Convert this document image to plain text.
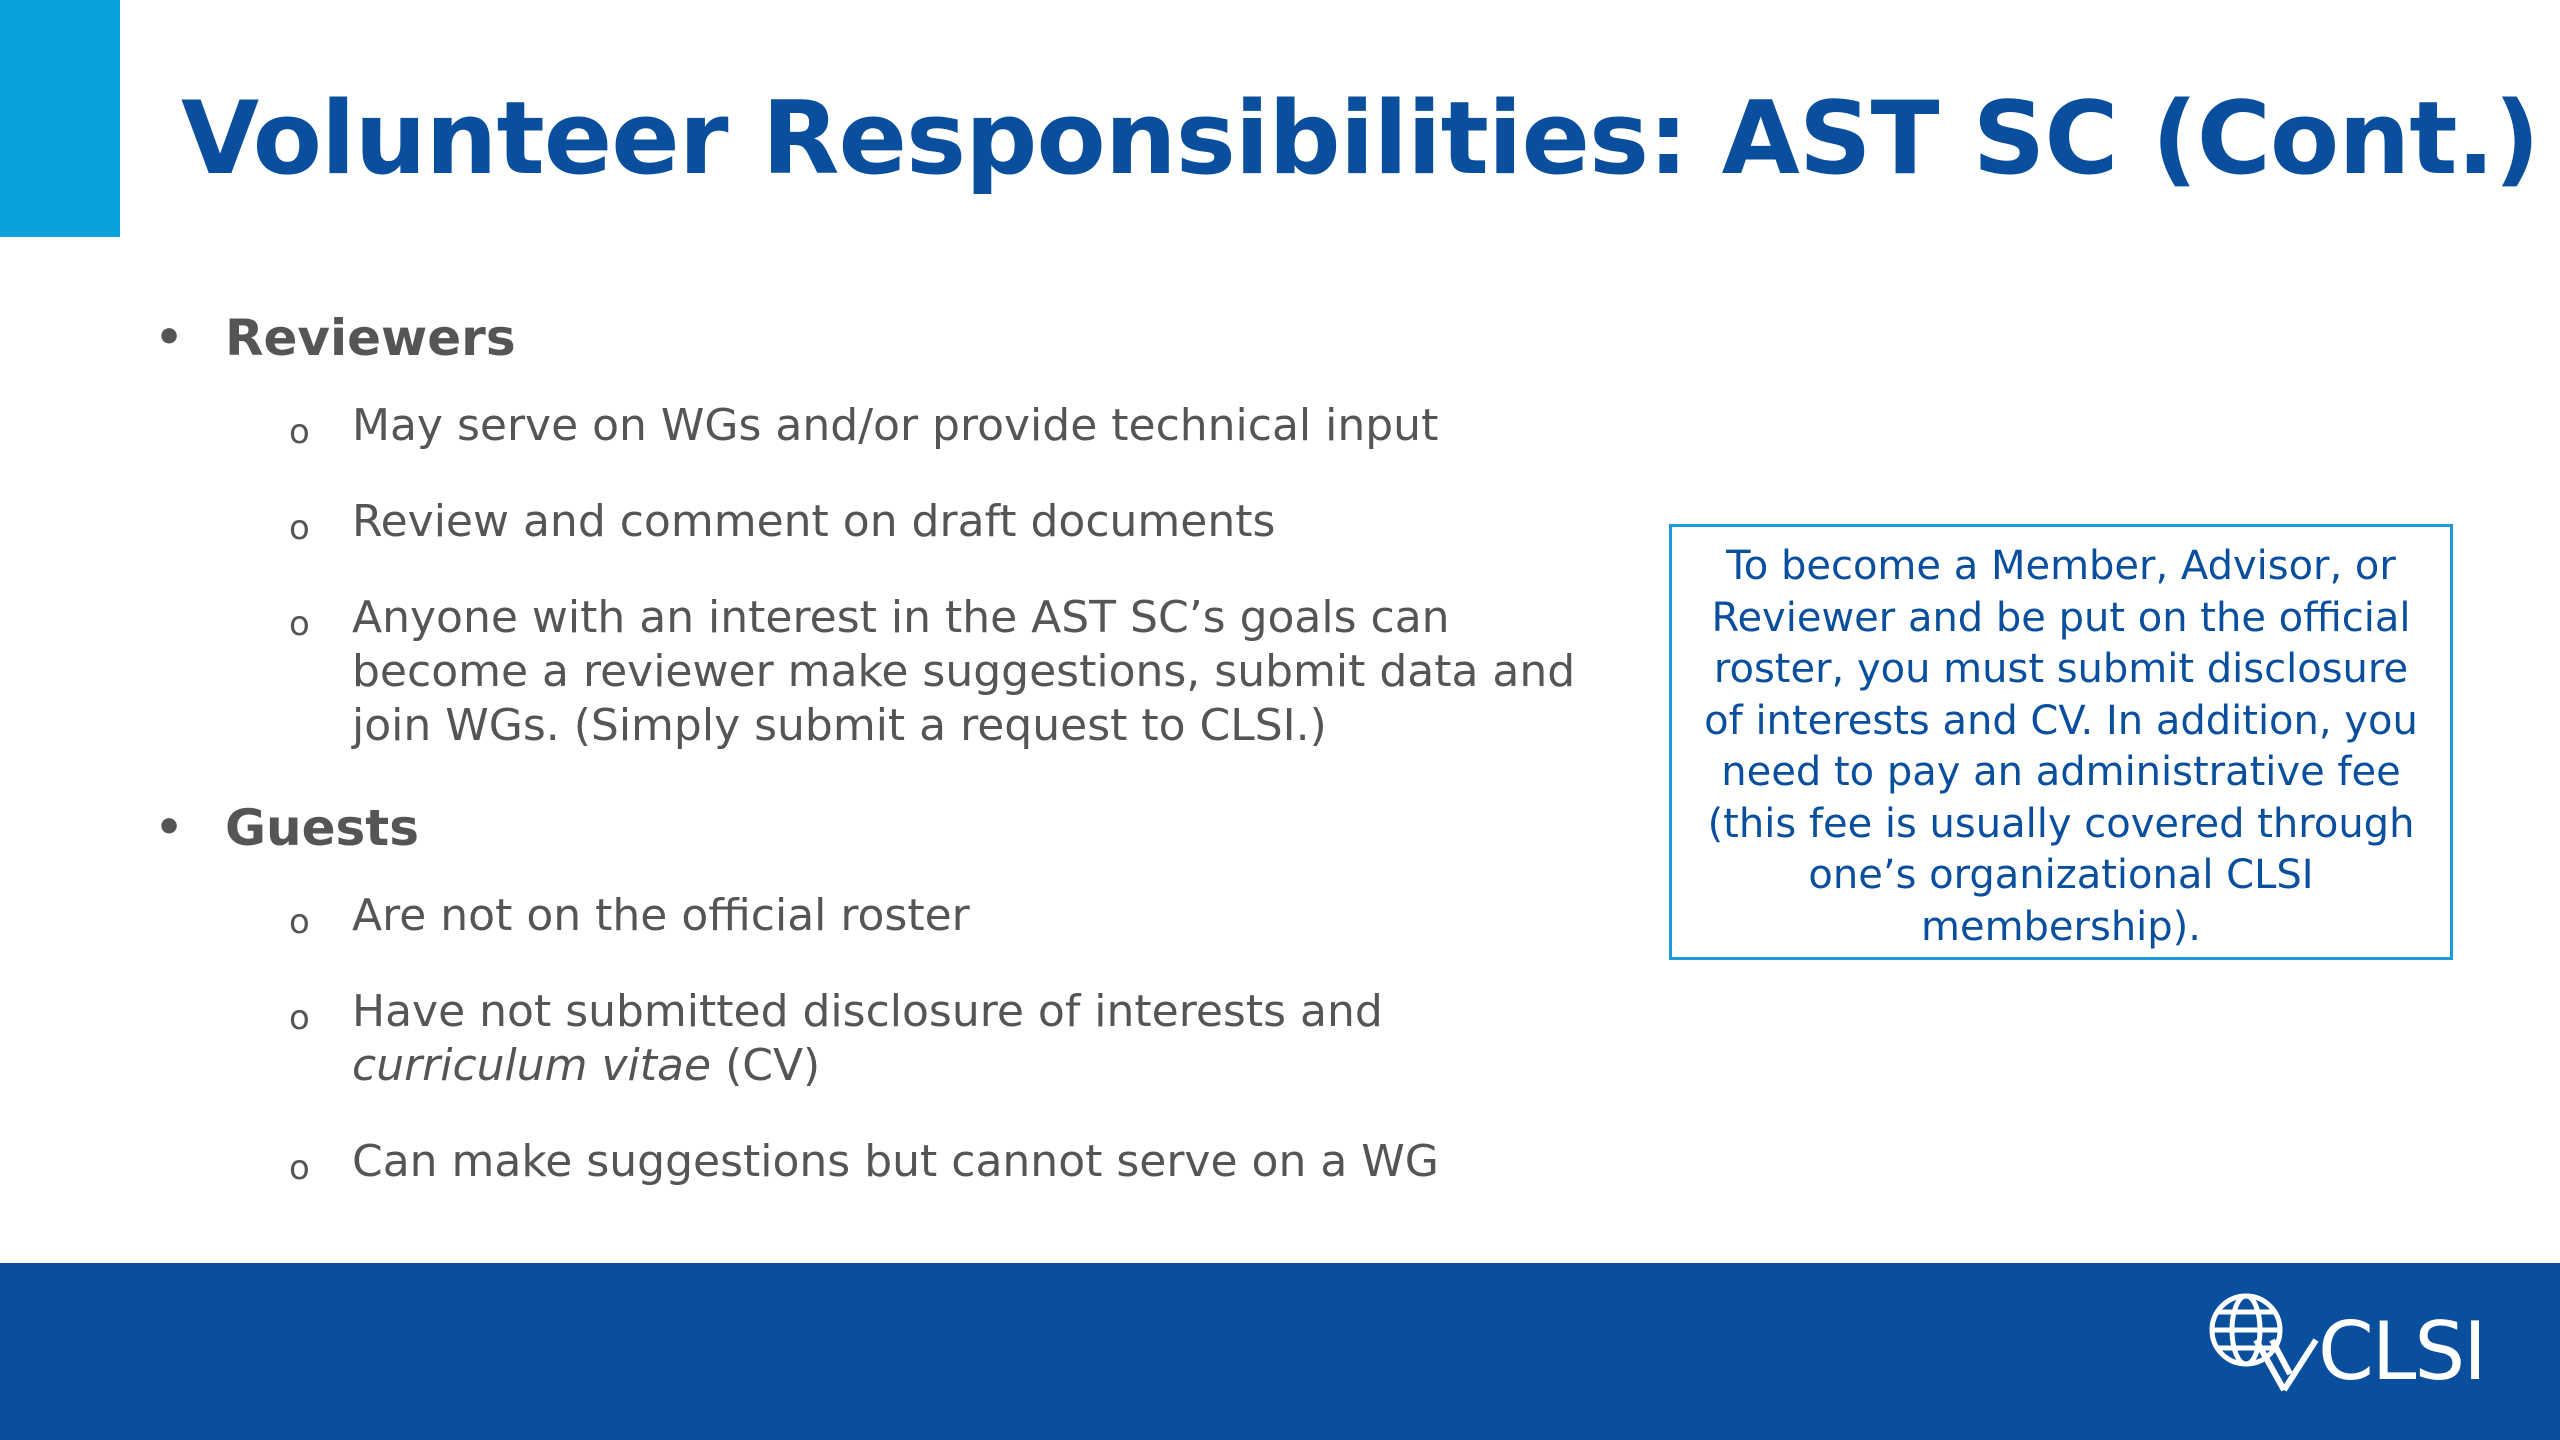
Volunteer Responsibilities: AST SC (Cont.)
• Reviewers
o May serve on WGs and/or provide technical input
o Review and comment on draft documents
o Anyone with an interest in the AST SC’s goals can become a reviewer make suggestions, submit data and join WGs. (Simply submit a request to CLSI.)
• Guests
o Are not on the official roster
o Have not submitted disclosure of interests and curriculum vitae (CV)
o Can make suggestions but cannot serve on a WG
To become a Member, Advisor, or Reviewer and be put on the official roster, you must submit disclosure of interests and CV. In addition, you need to pay an administrative fee (this fee is usually covered through one’s organizational CLSI membership).
CLSI
